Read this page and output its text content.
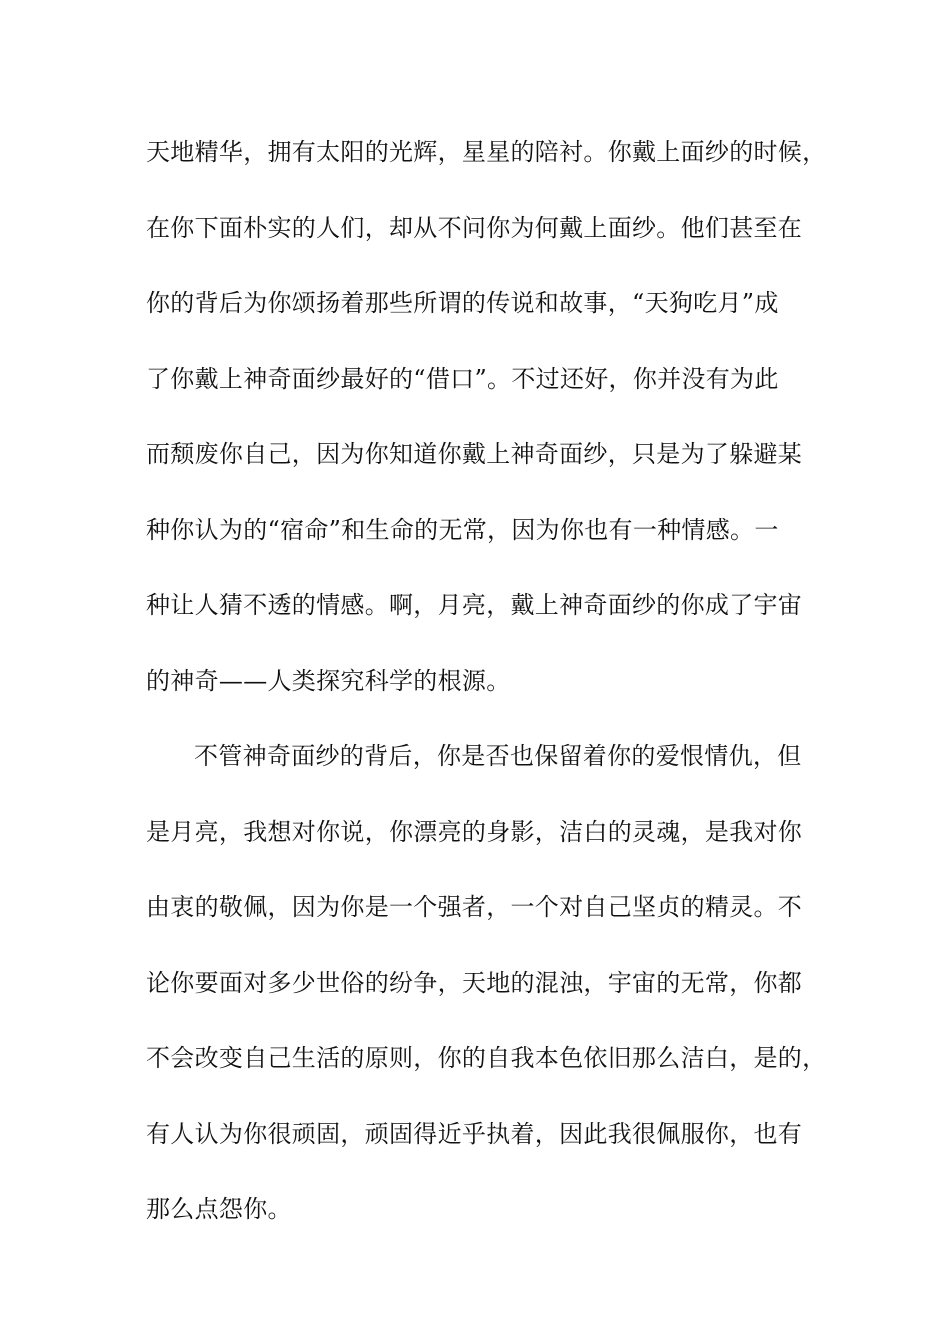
天地精华，拥有太阳的光辉，星星的陪衬。你戴上面纱的时候，
在你下面朴实的人们，却从不问你为何戴上面纱。他们甚至在
你的背后为你颂扬着那些所谓的传说和故事，“天狗吃月”成
了你戴上神奇面纱最好的“借口”。不过还好，你并没有为此
而颓废你自己，因为你知道你戴上神奇面纱，只是为了躲避某
种你认为的“宿命”和生命的无常，因为你也有一种情感。一
种让人猜不透的情感。啊，月亮，戴上神奇面纱的你成了宇宙
的神奇——人类探究科学的根源。
不管神奇面纱的背后，你是否也保留着你的爱恨情仇，但
是月亮，我想对你说，你漂亮的身影，洁白的灵魂，是我对你
由衷的敬佩，因为你是一个强者，一个对自己坚贞的精灵。不
论你要面对多少世俗的纷争，天地的混浊，宇宙的无常，你都
不会改变自己生活的原则，你的自我本色依旧那么洁白，是的，
有人认为你很顽固，顽固得近乎执着，因此我很佩服你，也有
那么点怨你。
